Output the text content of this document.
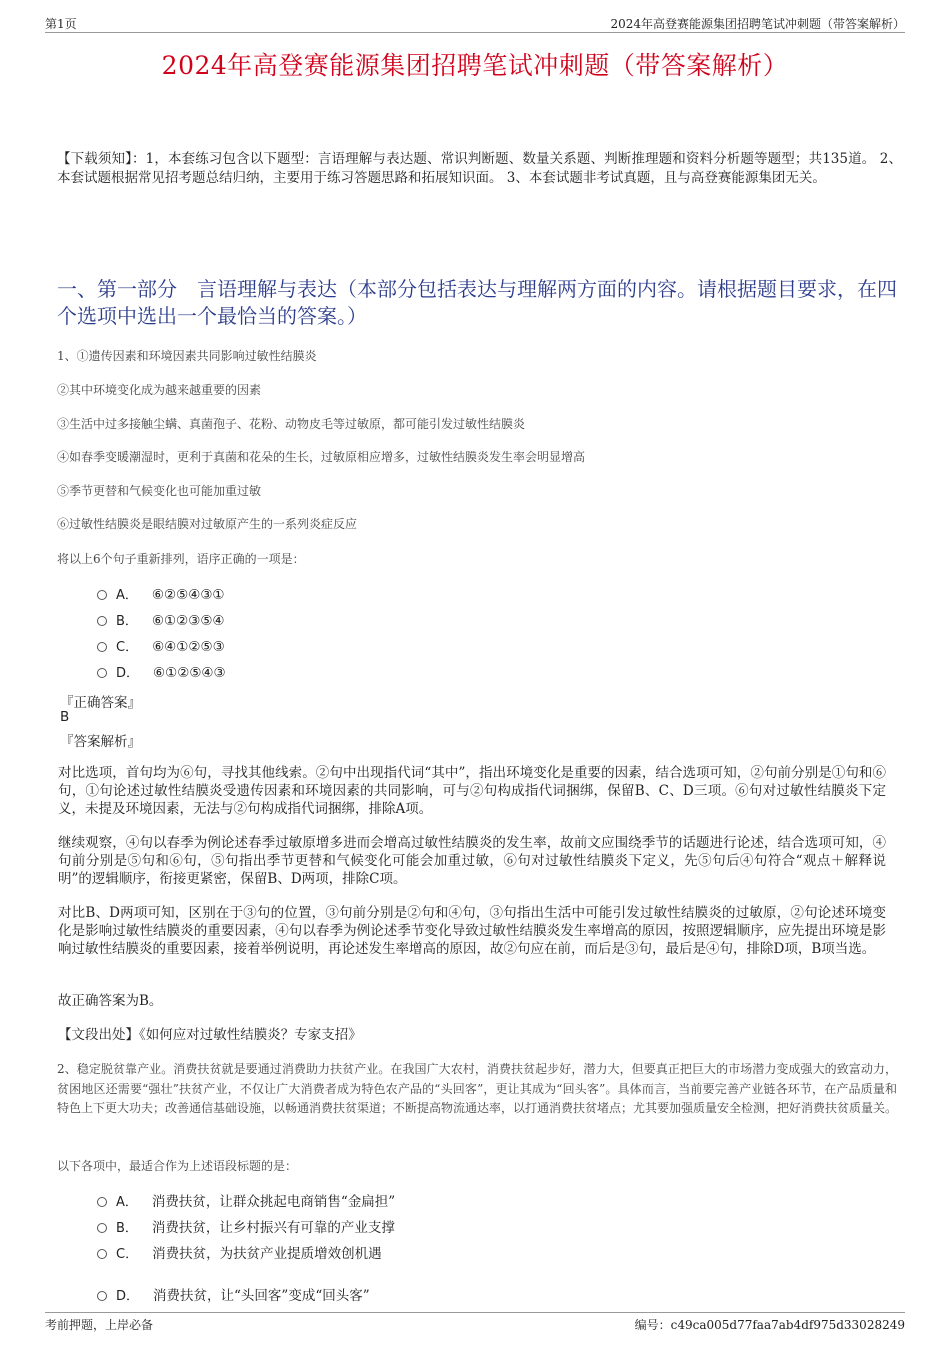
第1页	2024年高登赛能源集团招聘笔试冲刺题（带答案解析）
2024年高登赛能源集团招聘笔试冲刺题（带答案解析）
【下载须知】：1，本套练习包含以下题型：言语理解与表达题、常识判断题、数量关系题、判断推理题和资料分析题等题型；共135道。 2、本套试题根据常见招考题总结归纳，主要用于练习答题思路和拓展知识面。 3、本套试题非考试真题，且与高登赛能源集团无关。
一、第一部分　言语理解与表达（本部分包括表达与理解两方面的内容。请根据题目要求，在四个选项中选出一个最恰当的答案。）
1、①遗传因素和环境因素共同影响过敏性结膜炎
②其中环境变化成为越来越重要的因素
③生活中过多接触尘螨、真菌孢子、花粉、动物皮毛等过敏原，都可能引发过敏性结膜炎
④如春季变暖潮湿时，更利于真菌和花朵的生长，过敏原相应增多，过敏性结膜炎发生率会明显增高
⑤季节更替和气候变化也可能加重过敏
⑥过敏性结膜炎是眼结膜对过敏原产生的一系列炎症反应
将以上6个句子重新排列，语序正确的一项是：
A． ⑥②⑤④③①
B． ⑥①②③⑤④
C． ⑥④①②⑤③
D． ⑥①②⑤④③
『正确答案』
B
『答案解析』
对比选项，首句均为⑥句，寻找其他线索。②句中出现指代词“其中”，指出环境变化是重要的因素，结合选项可知，②句前分别是①句和⑥句，①句论述过敏性结膜炎受遗传因素和环境因素的共同影响，可与②句构成指代词捆绑，保留B、C、D三项。⑥句对过敏性结膜炎下定义，未提及环境因素，无法与②句构成指代词捆绑，排除A项。
继续观察，④句以春季为例论述春季过敏原增多进而会增高过敏性结膜炎的发生率，故前文应围绕季节的话题进行论述，结合选项可知，④句前分别是⑤句和⑥句，⑤句指出季节更替和气候变化可能会加重过敏，⑥句对过敏性结膜炎下定义，先⑤句后④句符合“观点＋解释说明”的逻辑顺序，衔接更紧密，保留B、D两项，排除C项。
对比B、D两项可知，区别在于③句的位置，③句前分别是②句和④句，③句指出生活中可能引发过敏性结膜炎的过敏原，②句论述环境变化是影响过敏性结膜炎的重要因素，④句以春季为例论述季节变化导致过敏性结膜炎发生率增高的原因，按照逻辑顺序，应先提出环境是影响过敏性结膜炎的重要因素，接着举例说明，再论述发生率增高的原因，故②句应在前，而后是③句，最后是④句，排除D项，B项当选。
故正确答案为B。
【文段出处】《如何应对过敏性结膜炎？专家支招》
2、稳定脱贫靠产业。消费扶贫就是要通过消费助力扶贫产业。在我国广大农村，消费扶贫起步好，潜力大，但要真正把巨大的市场潜力变成强大的致富动力，贫困地区还需要“强壮”扶贫产业，不仅让广大消费者成为特色农产品的“头回客”，更让其成为“回头客”。具体而言，当前要完善产业链各环节，在产品质量和特色上下更大功夫；改善通信基础设施，以畅通消费扶贫渠道；不断提高物流通达率，以打通消费扶贫堵点；尤其要加强质量安全检测，把好消费扶贫质量关。
以下各项中，最适合作为上述语段标题的是：
A． 消费扶贫，让群众挑起电商销售“金扁担”
B． 消费扶贫，让乡村振兴有可靠的产业支撑
C． 消费扶贫，为扶贫产业提质增效创机遇
D． 消费扶贫，让“头回客”变成“回头客”
考前押题，上岸必备	编号：c49ca005d77faa7ab4df975d33028249
